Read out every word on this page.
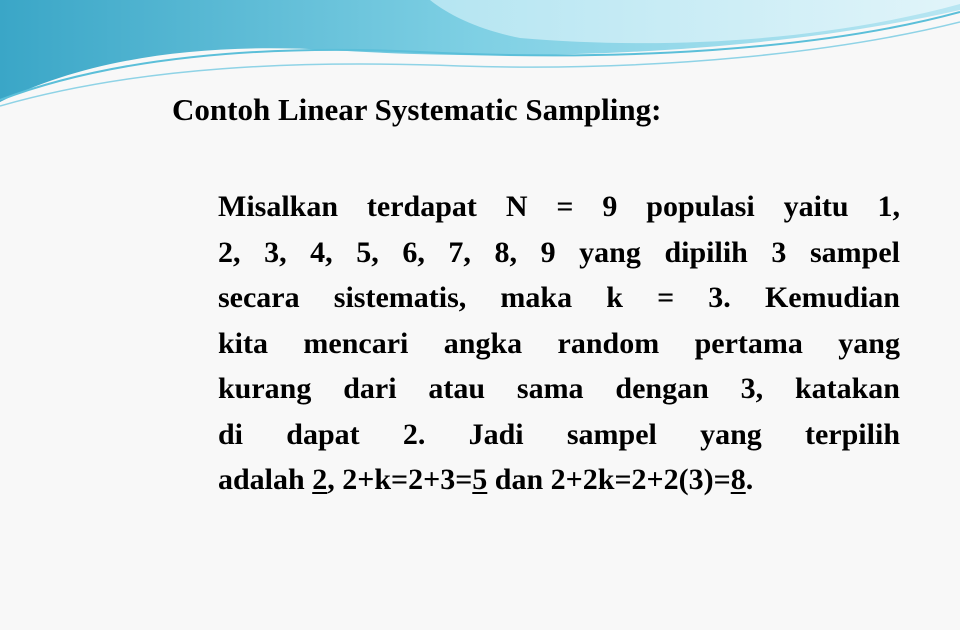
Contoh Linear Systematic Sampling:

Misalkan terdapat N = 9 populasi yaitu 1,
2, 3, 4, 5, 6, 7, 8, 9 yang dipilih 3 sampel
secara sistematis, maka k = 3. Kemudian
kita mencari angka random pertama yang
kurang dari atau sama dengan 3, katakan
di dapat 2. Jadi sampel yang terpilih
adalah 2, 2+k=2+3=5 dan 2+2k=2+2(3)=8.
